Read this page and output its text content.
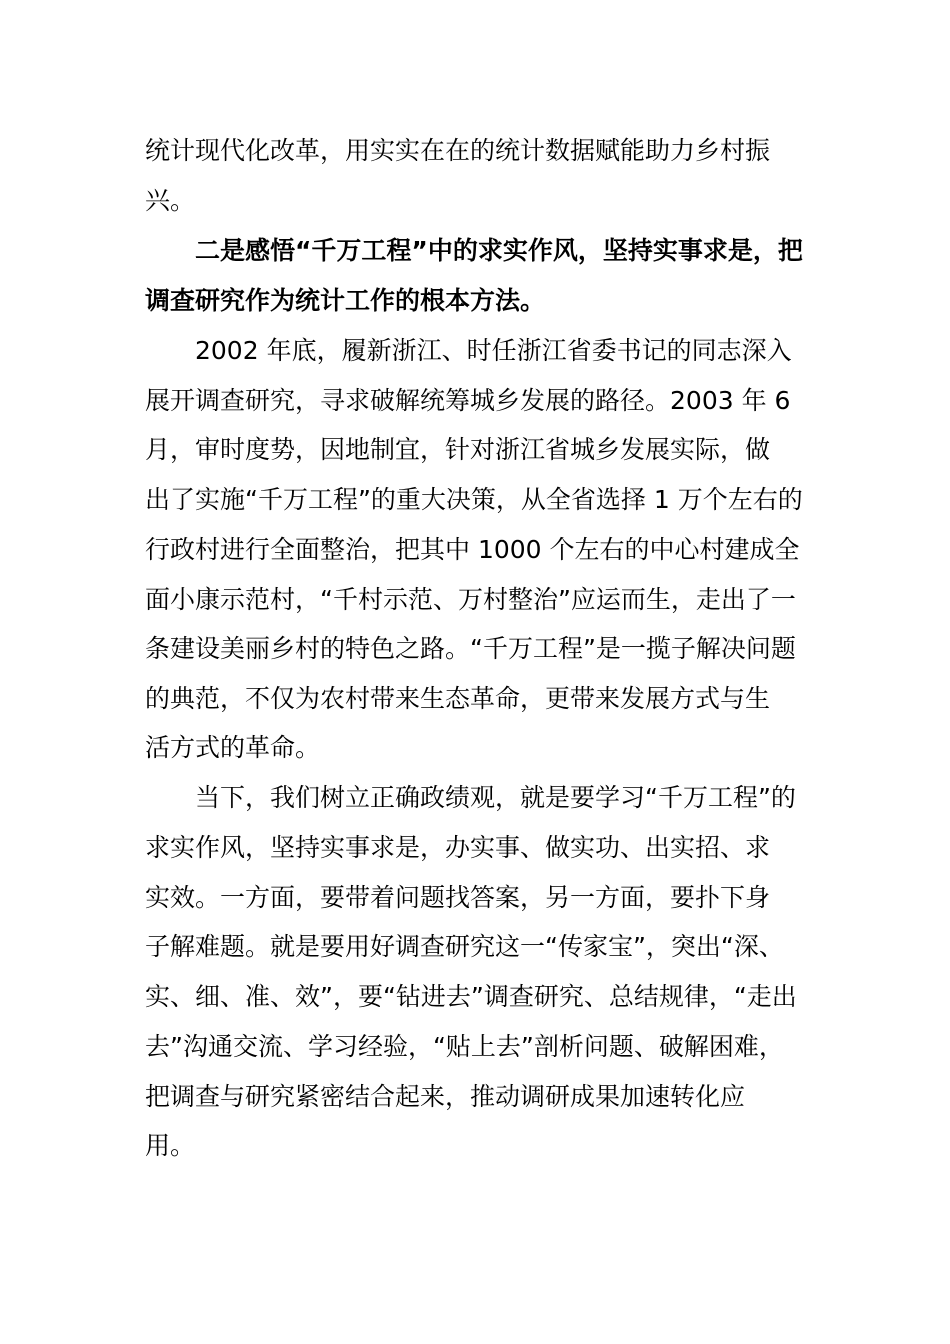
统计现代化改革，用实实在在的统计数据赋能助力乡村振
兴。
二是感悟“千万工程”中的求实作风，坚持实事求是，把
调查研究作为统计工作的根本方法。
2002 年底，履新浙江、时任浙江省委书记的同志深入
展开调查研究，寻求破解统筹城乡发展的路径。2003 年 6
月，审时度势，因地制宜，针对浙江省城乡发展实际，做
出了实施“千万工程”的重大决策，从全省选择 1 万个左右的
行政村进行全面整治，把其中 1000 个左右的中心村建成全
面小康示范村，“千村示范、万村整治”应运而生，走出了一
条建设美丽乡村的特色之路。“千万工程”是一揽子解决问题
的典范，不仅为农村带来生态革命，更带来发展方式与生
活方式的革命。
当下，我们树立正确政绩观，就是要学习“千万工程”的
求实作风，坚持实事求是，办实事、做实功、出实招、求
实效。一方面，要带着问题找答案，另一方面，要扑下身
子解难题。就是要用好调查研究这一“传家宝”，突出“深、
实、细、准、效”，要“钻进去”调查研究、总结规律，“走出
去”沟通交流、学习经验，“贴上去”剖析问题、破解困难，
把调查与研究紧密结合起来，推动调研成果加速转化应
用。
